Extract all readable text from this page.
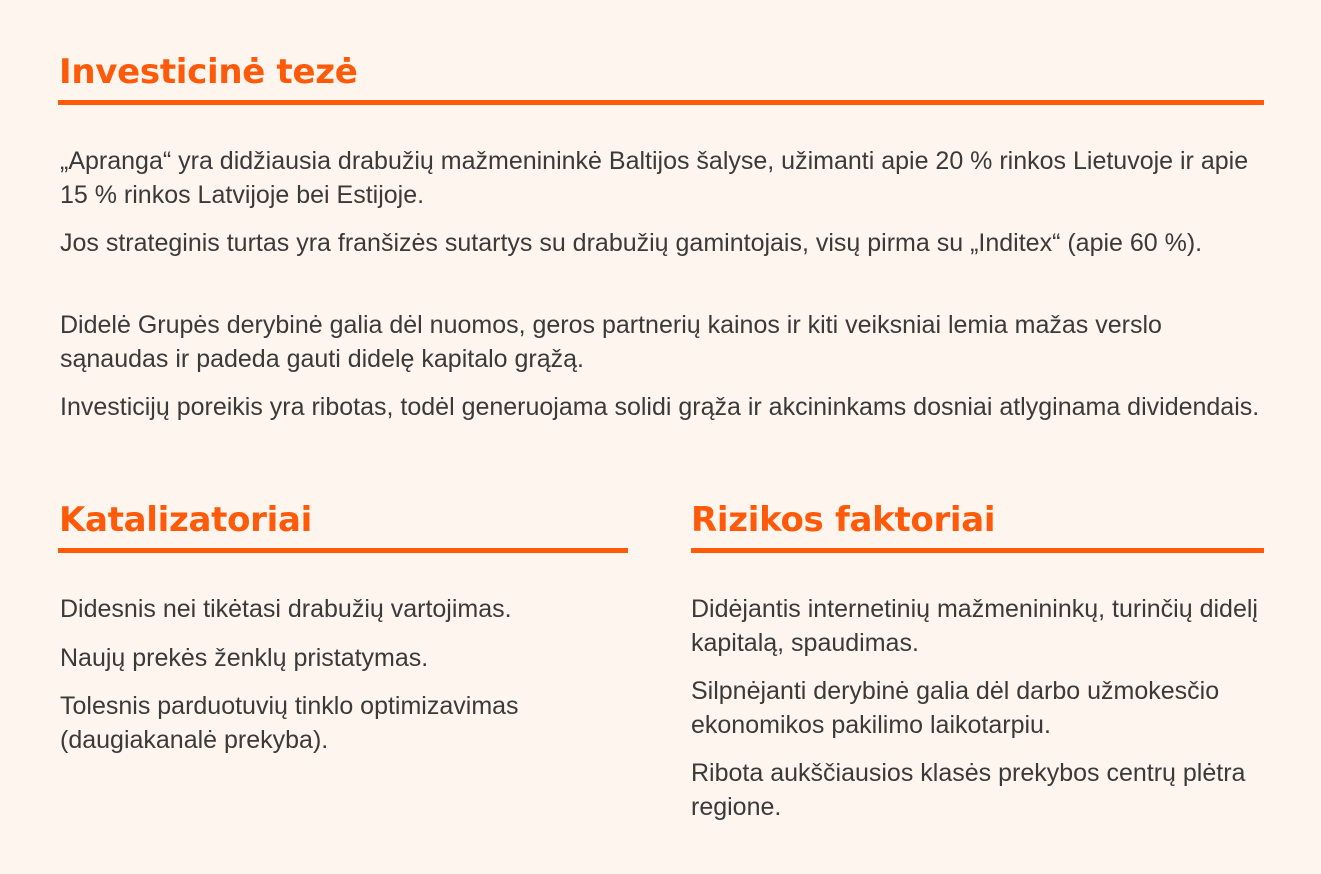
Investicinė tezė

„Apranga“ yra didžiausia drabužių mažmenininkė Baltijos šalyse, užimanti apie 20 % rinkos Lietuvoje ir apie 15 % rinkos Latvijoje bei Estijoje.

Jos strateginis turtas yra franšizės sutartys su drabužių gamintojais, visų pirma su „Inditex“ (apie 60 %).

Didelė Grupės derybinė galia dėl nuomos, geros partnerių kainos ir kiti veiksniai lemia mažas verslo sąnaudas ir padeda gauti didelę kapitalo grąžą.

Investicijų poreikis yra ribotas, todėl generuojama solidi grąža ir akcininkams dosniai atlyginama dividendais.

Katalizatoriai

Didesnis nei tikėtasi drabužių vartojimas.

Naujų prekės ženklų pristatymas.

Tolesnis parduotuvių tinklo optimizavimas (daugiakanalė prekyba).

Rizikos faktoriai

Didėjantis internetinių mažmenininkų, turinčių didelį kapitalą, spaudimas.

Silpnėjanti derybinė galia dėl darbo užmokesčio ekonomikos pakilimo laikotarpiu.

Ribota aukščiausios klasės prekybos centrų plėtra regione.
